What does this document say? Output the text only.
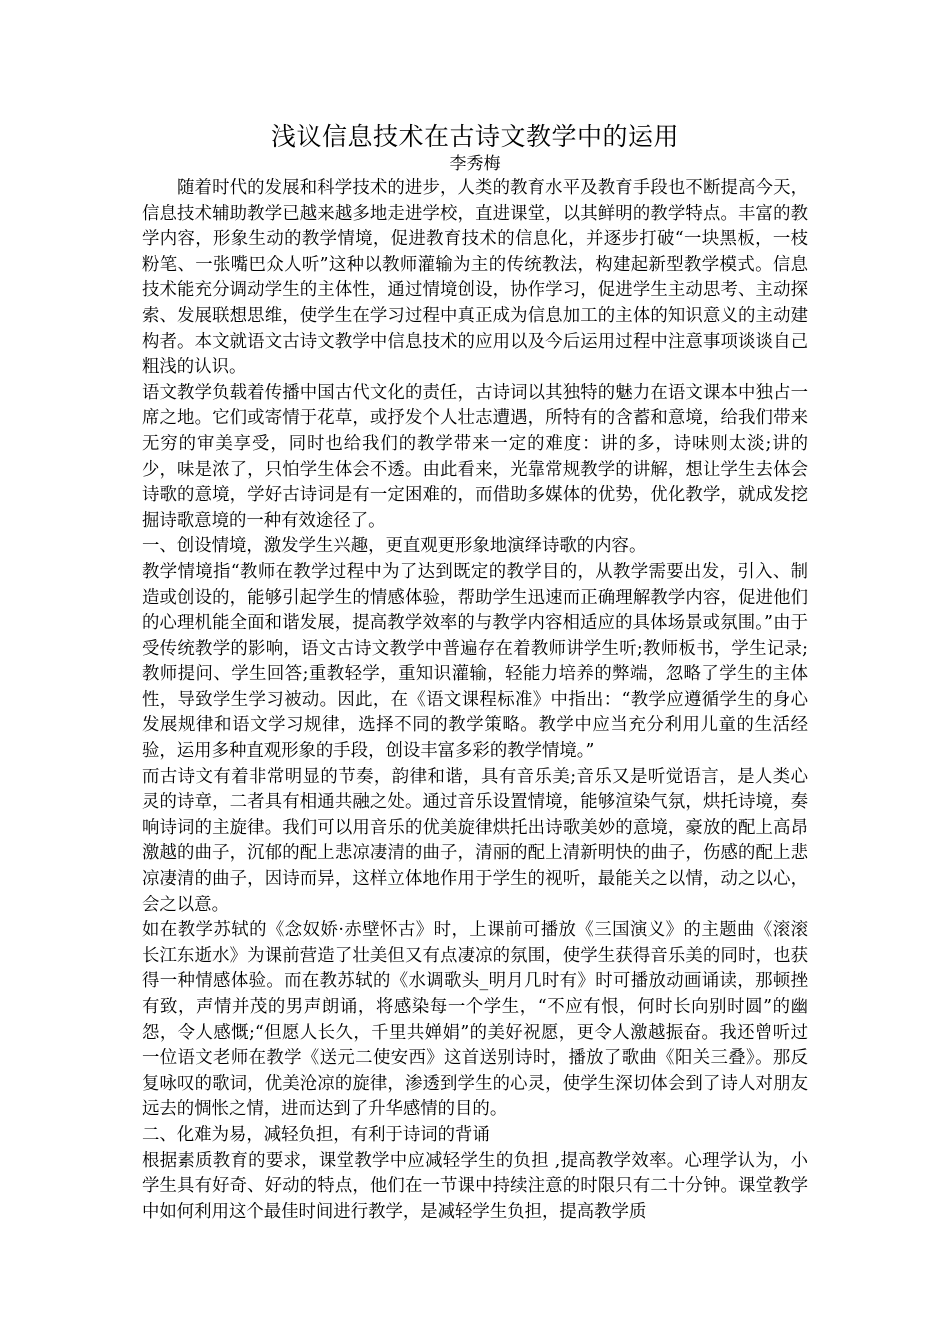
浅议信息技术在古诗文教学中的运用
李秀梅

随着时代的发展和科学技术的进步，人类的教育水平及教育手段也不断提高今天，信息技术辅助教学已越来越多地走进学校，直进课堂，以其鲜明的教学特点。丰富的教学内容，形象生动的教学情境，促进教育技术的信息化，并逐步打破“一块黑板，一枝粉笔、一张嘴巴众人听”这种以教师灌输为主的传统教法，构建起新型教学模式。信息技术能充分调动学生的主体性，通过情境创设，协作学习，促进学生主动思考、主动探索、发展联想思维，使学生在学习过程中真正成为信息加工的主体的知识意义的主动建构者。本文就语文古诗文教学中信息技术的应用以及今后运用过程中注意事项谈谈自己粗浅的认识。

语文教学负载着传播中国古代文化的责任，古诗词以其独特的魅力在语文课本中独占一席之地。它们或寄情于花草，或抒发个人壮志遭遇，所特有的含蓄和意境，给我们带来无穷的审美享受，同时也给我们的教学带来一定的难度：讲的多，诗味则太淡;讲的少，味是浓了，只怕学生体会不透。由此看来，光靠常规教学的讲解，想让学生去体会诗歌的意境，学好古诗词是有一定困难的，而借助多媒体的优势，优化教学，就成发挖掘诗歌意境的一种有效途径了。

一、创设情境，激发学生兴趣，更直观更形象地演绎诗歌的内容。

教学情境指“教师在教学过程中为了达到既定的教学目的，从教学需要出发，引入、制造或创设的，能够引起学生的情感体验，帮助学生迅速而正确理解教学内容，促进他们的心理机能全面和谐发展，提高教学效率的与教学内容相适应的具体场景或氛围。”由于受传统教学的影响，语文古诗文教学中普遍存在着教师讲学生听;教师板书，学生记录;教师提问、学生回答;重教轻学，重知识灌输，轻能力培养的弊端，忽略了学生的主体性，导致学生学习被动。因此，在《语文课程标准》中指出：“教学应遵循学生的身心发展规律和语文学习规律，选择不同的教学策略。教学中应当充分利用儿童的生活经验，运用多种直观形象的手段，创设丰富多彩的教学情境。”

而古诗文有着非常明显的节奏，韵律和谐，具有音乐美;音乐又是听觉语言，是人类心灵的诗章，二者具有相通共融之处。通过音乐设置情境，能够渲染气氛，烘托诗境，奏响诗词的主旋律。我们可以用音乐的优美旋律烘托出诗歌美妙的意境，豪放的配上高昂激越的曲子，沉郁的配上悲凉凄清的曲子，清丽的配上清新明快的曲子，伤感的配上悲凉凄清的曲子，因诗而异，这样立体地作用于学生的视听，最能关之以情，动之以心，会之以意。

如在教学苏轼的《念奴娇·赤壁怀古》时，上课前可播放《三国演义》的主题曲《滚滚长江东逝水》为课前营造了壮美但又有点凄凉的氛围，使学生获得音乐美的同时，也获得一种情感体验。而在教苏轼的《水调歌头_明月几时有》时可播放动画诵读，那顿挫有致，声情并茂的男声朗诵，将感染每一个学生，“不应有恨，何时长向别时圆”的幽怨，令人感慨;“但愿人长久，千里共婵娟”的美好祝愿，更令人激越振奋。我还曾听过一位语文老师在教学《送元二使安西》这首送别诗时，播放了歌曲《阳关三叠》。那反复咏叹的歌词，优美沧凉的旋律，渗透到学生的心灵，使学生深切体会到了诗人对朋友远去的惆怅之情，进而达到了升华感情的目的。

二、化难为易，减轻负担，有利于诗词的背诵

根据素质教育的要求，课堂教学中应减轻学生的负担 ,提高教学效率。心理学认为，小学生具有好奇、好动的特点，他们在一节课中持续注意的时限只有二十分钟。课堂教学中如何利用这个最佳时间进行教学，是减轻学生负担，提高教学质
